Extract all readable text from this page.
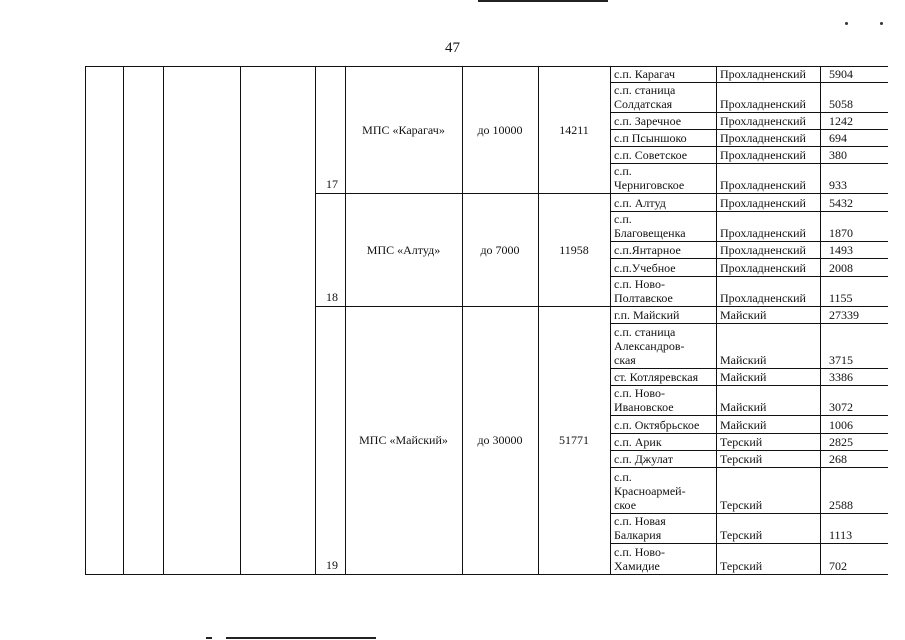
47
17
МПС «Карагач»	до 10000	14211
с.п. Карагач	Прохладненский	5904
с.п. станица
Солдатская	Прохладненский	5058
с.п. Заречное	Прохладненский	1242
с.п Псыншоко	Прохладненский	694
с.п. Советское	Прохладненский	380
с.п.
Черниговское	Прохладненский	933
18
МПС «Алтуд»	до 7000	11958
с.п. Алтуд	Прохладненский	5432
с.п.
Благовещенка	Прохладненский	1870
с.п.Янтарное	Прохладненский	1493
с.п.Учебное	Прохладненский	2008
с.п. Ново-
Полтавское	Прохладненский	1155
19
МПС «Майский»	до 30000	51771
г.п. Майский	Майский	27339
с.п. станица
Александров-
ская	Майский	3715
ст. Котляревская	Майский	3386
с.п. Ново-
Ивановское	Майский	3072
с.п. Октябрьское	Майский	1006
с.п. Арик	Терский	2825
с.п. Джулат	Терский	268
с.п.
Красноармей-
ское	Терский	2588
с.п. Новая
Балкария	Терский	1113
с.п. Ново-
Хамидие	Терский	702
